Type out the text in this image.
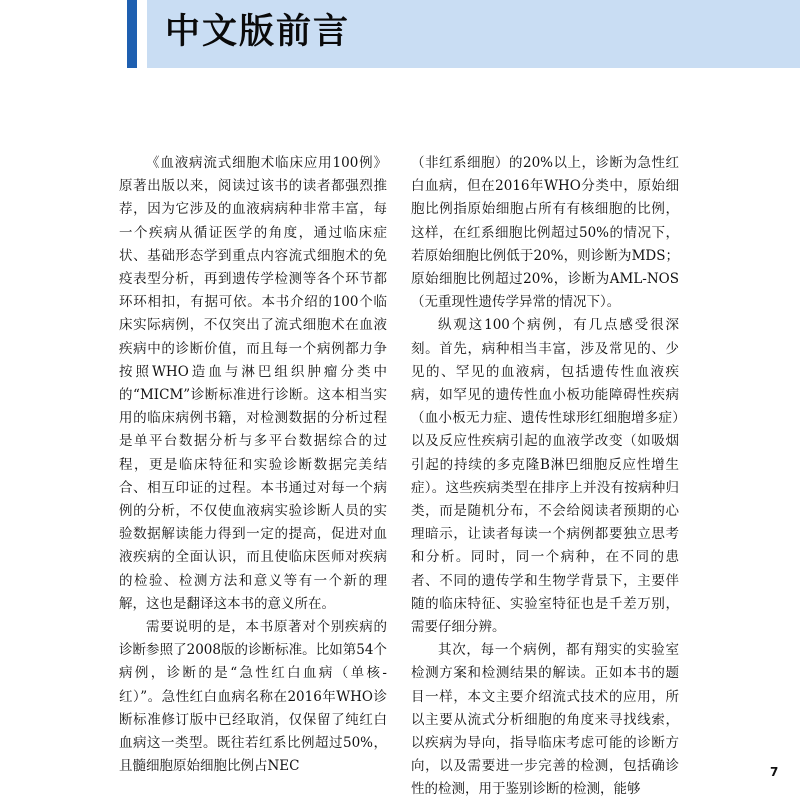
中文版前言

《血液病流式细胞术临床应用100例》原著出版以来，阅读过该书的读者都强烈推荐，因为它涉及的血液病病种非常丰富，每一个疾病从循证医学的角度，通过临床症状、基础形态学到重点内容流式细胞术的免疫表型分析，再到遗传学检测等各个环节都环环相扣，有据可依。本书介绍的100个临床实际病例，不仅突出了流式细胞术在血液疾病中的诊断价值，而且每一个病例都力争按照WHO造血与淋巴组织肿瘤分类中的“MICM”诊断标准进行诊断。这本相当实用的临床病例书籍，对检测数据的分析过程是单平台数据分析与多平台数据综合的过程，更是临床特征和实验诊断数据完美结合、相互印证的过程。本书通过对每一个病例的分析，不仅使血液病实验诊断人员的实验数据解读能力得到一定的提高，促进对血液疾病的全面认识，而且使临床医师对疾病的检验、检测方法和意义等有一个新的理解，这也是翻译这本书的意义所在。

需要说明的是，本书原著对个别疾病的诊断参照了2008版的诊断标准。比如第54个病例，诊断的是“急性红白血病（单核-红）”。急性红白血病名称在2016年WHO诊断标准修订版中已经取消，仅保留了纯红白血病这一类型。既往若红系比例超过50%，且髓细胞原始细胞比例占NEC

（非红系细胞）的20%以上，诊断为急性红白血病，但在2016年WHO分类中，原始细胞比例指原始细胞占所有有核细胞的比例，这样，在红系细胞比例超过50%的情况下，若原始细胞比例低于20%，则诊断为MDS；原始细胞比例超过20%，诊断为AML-NOS（无重现性遗传学异常的情况下）。

纵观这100个病例，有几点感受很深刻。首先，病种相当丰富，涉及常见的、少见的、罕见的血液病，包括遗传性血液疾病，如罕见的遗传性血小板功能障碍性疾病（血小板无力症、遗传性球形红细胞增多症）以及反应性疾病引起的血液学改变（如吸烟引起的持续的多克隆B淋巴细胞反应性增生症）。这些疾病类型在排序上并没有按病种归类，而是随机分布，不会给阅读者预期的心理暗示，让读者每读一个病例都要独立思考和分析。同时，同一个病种，在不同的患者、不同的遗传学和生物学背景下，主要伴随的临床特征、实验室特征也是千差万别，需要仔细分辨。

其次，每一个病例，都有翔实的实验室检测方案和检测结果的解读。正如本书的题目一样，本文主要介绍流式技术的应用，所以主要从流式分析细胞的角度来寻找线索，以疾病为导向，指导临床考虑可能的诊断方向，以及需要进一步完善的检测，包括确诊性的检测，用于鉴别诊断的检测，能够

7
